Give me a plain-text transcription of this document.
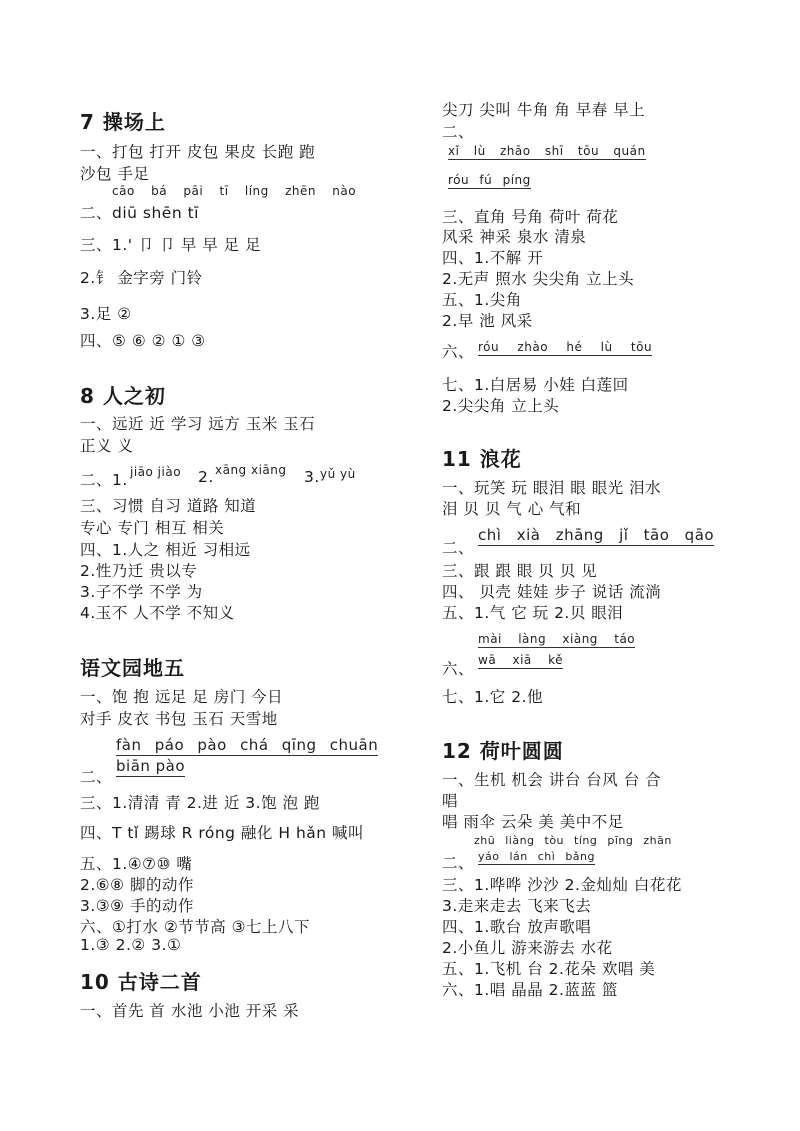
7 操场上
一、打包 打开 皮包 果皮 长跑 跑
沙包 手足
cāo bá pāi tī líng zhēn nào
二、diū shēn tī
三、1.' 卩 卩 早 早 足 足
2.钅 金字旁 门铃
3.足 ②
四、⑤ ⑥ ② ① ③
8 人之初
一、远近 近 学习 远方 玉米 玉石
正义 义
二、1. jiāo jiào 2. xāng xiāng 3. yǔ yù
三、习惯 自习 道路 知道
专心 专门 相互 相关
四、1.人之 相近 习相远
2.性乃迁 贵以专
3.子不学 不学 为
4.玉不 人不学 不知义
语文园地五
一、饱 抱 远足 足 房门 今日
对手 皮衣 书包 玉石 天雪地
fàn páo pào chá qīng chuān
二、
biān pào
三、1.清清 青 2.进 近 3.饱 泡 跑
四、T tǐ 踢球 R róng 融化 H hǎn 喊叫
五、1.④⑦⑩ 嘴
2.⑥⑧ 脚的动作
3.③⑨ 手的动作
六、①打水 ②节节高 ③七上八下
1.③ 2.② 3.①
10 古诗二首
一、首先 首 水池 小池 开采 采
尖刀 尖叫 牛角 角 早春 早上
二、
xǐ lù zhāo shī tōu quán
róu fú píng
三、直角 号角 荷叶 荷花
风采 神采 泉水 清泉
四、1.不解 开
2.无声 照水 尖尖角 立上头
五、1.尖角
2.早 池 风采
六、 róu zhào hé lù tōu
七、1.白居易 小娃 白莲回
2.尖尖角 立上头
11 浪花
一、玩笑 玩 眼泪 眼 眼光 泪水
泪 贝 贝 气 心 气和
二、
chì xià zhāng jǐ tāo qāo
三、跟 跟 眼 贝 贝 见
四、 贝壳 娃娃 步子 说话 流淌
五、1.气 它 玩 2.贝 眼泪
mài làng xiàng táo
六、 wā xiā kě
七、1.它 2.他
12 荷叶圆圆
一、生机 机会 讲台 台风 台 合
唱
唱 雨伞 云朵 美 美中不足
zhū liàng tòu tíng pīng zhān
二、 yáo lán chì bǎng
三、1.哗哗 沙沙 2.金灿灿 白花花
3.走来走去 飞来飞去
四、1.歌台 放声歌唱
2.小鱼儿 游来游去 水花
五、1.飞机 台 2.花朵 欢唱 美
六、1.唱 晶晶 2.蓝蓝 篮
